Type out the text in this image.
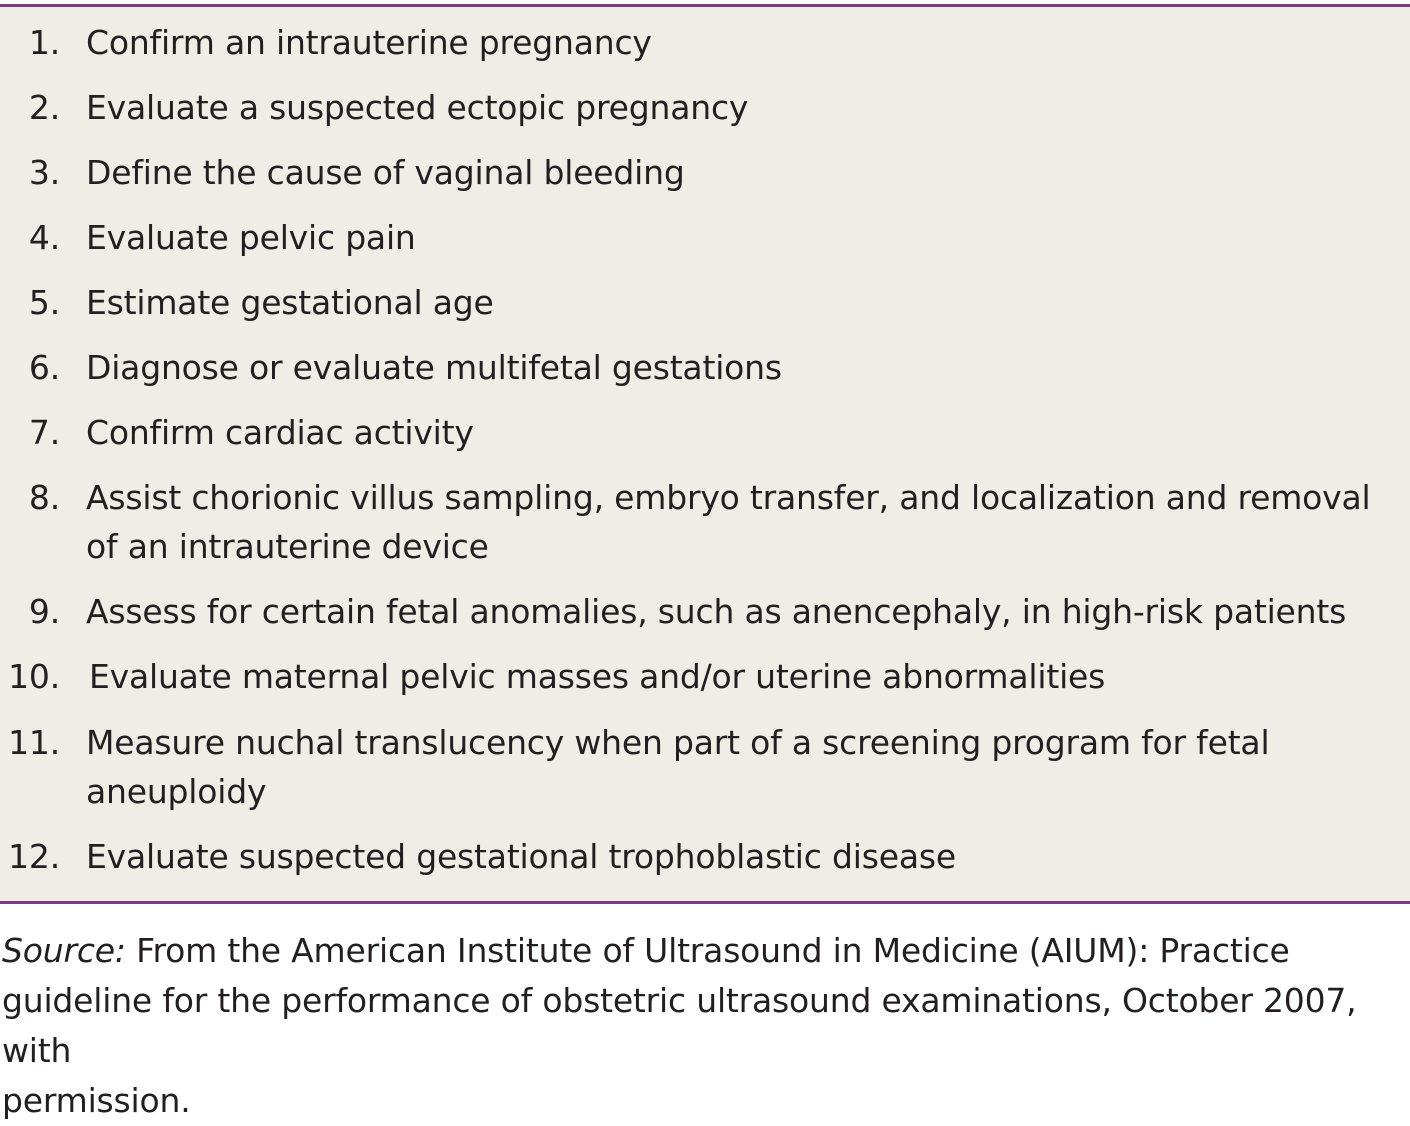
1. Confirm an intrauterine pregnancy
2. Evaluate a suspected ectopic pregnancy
3. Define the cause of vaginal bleeding
4. Evaluate pelvic pain
5. Estimate gestational age
6. Diagnose or evaluate multifetal gestations
7. Confirm cardiac activity
8. Assist chorionic villus sampling, embryo transfer, and localization and removal
of an intrauterine device
9. Assess for certain fetal anomalies, such as anencephaly, in high-risk patients
10. Evaluate maternal pelvic masses and/or uterine abnormalities
11. Measure nuchal translucency when part of a screening program for fetal
aneuploidy
12. Evaluate suspected gestational trophoblastic disease
Source: From the American Institute of Ultrasound in Medicine (AIUM): Practice
guideline for the performance of obstetric ultrasound examinations, October 2007, with
permission.
